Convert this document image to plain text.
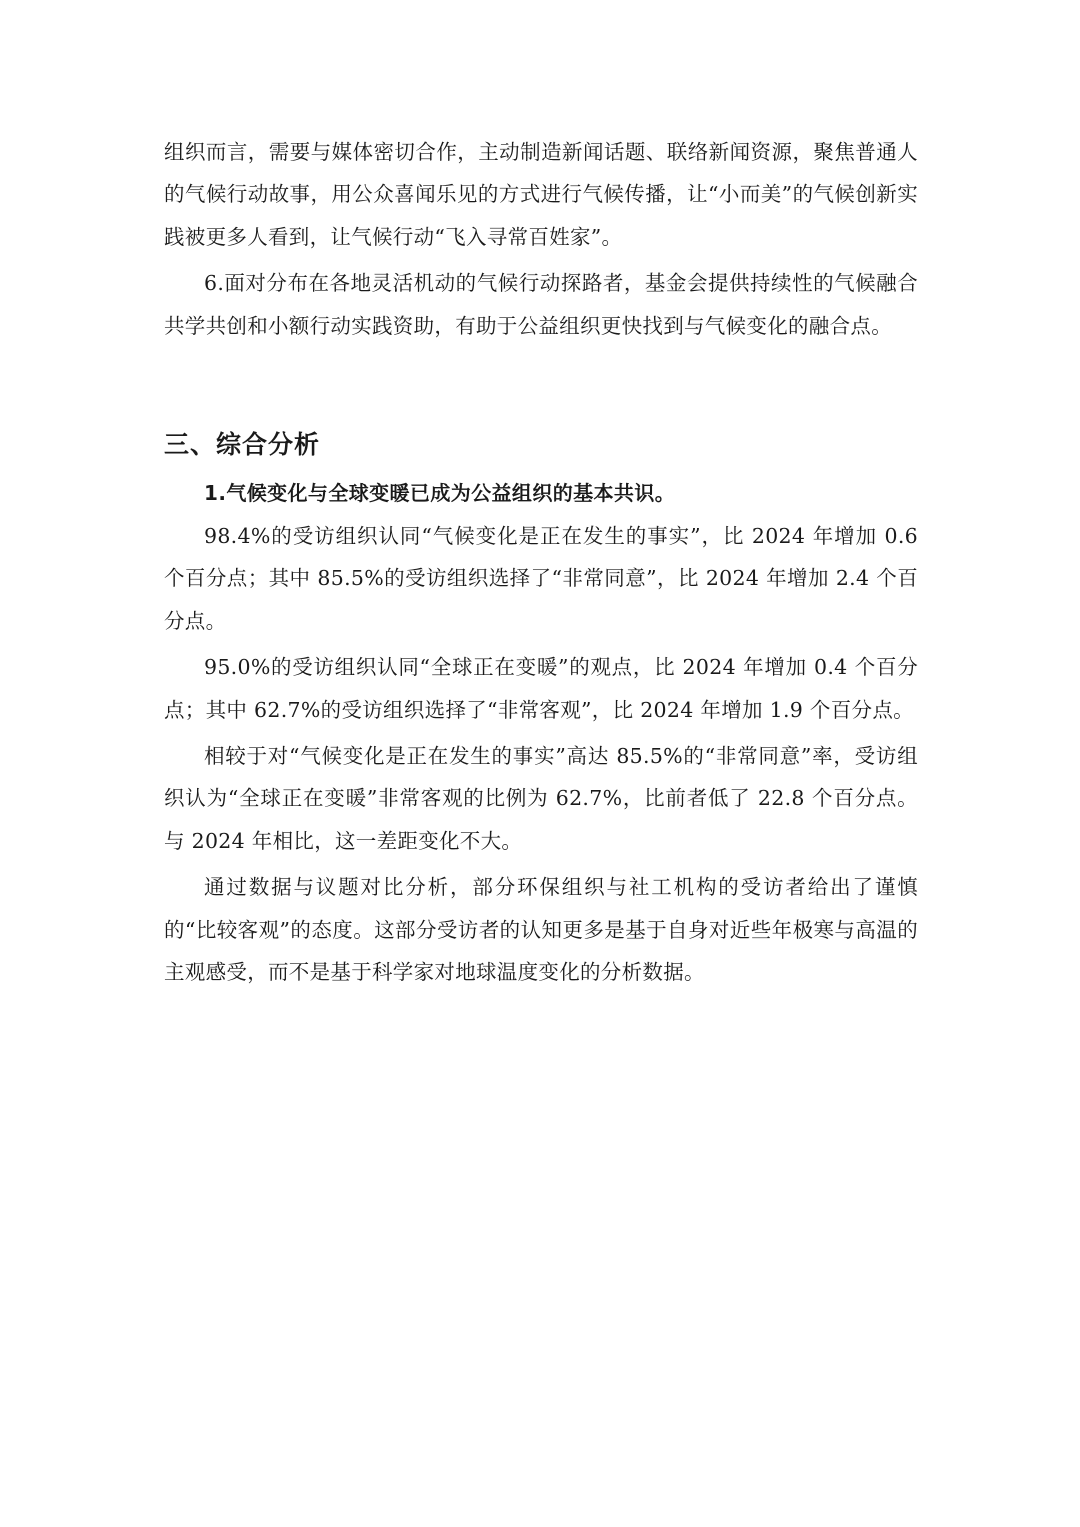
组织而言，需要与媒体密切合作，主动制造新闻话题、联络新闻资源，聚焦普通人的气候行动故事，用公众喜闻乐见的方式进行气候传播，让“小而美”的气候创新实践被更多人看到，让气候行动“飞入寻常百姓家”。

6.面对分布在各地灵活机动的气候行动探路者，基金会提供持续性的气候融合共学共创和小额行动实践资助，有助于公益组织更快找到与气候变化的融合点。

三、综合分析
1.气候变化与全球变暖已成为公益组织的基本共识。

98.4%的受访组织认同“气候变化是正在发生的事实”，比 2024 年增加 0.6 个百分点；其中 85.5%的受访组织选择了“非常同意”，比 2024 年增加 2.4 个百分点。

95.0%的受访组织认同“全球正在变暖”的观点，比 2024 年增加 0.4 个百分点；其中 62.7%的受访组织选择了“非常客观”，比 2024 年增加 1.9 个百分点。

相较于对“气候变化是正在发生的事实”高达 85.5%的“非常同意”率，受访组织认为“全球正在变暖”非常客观的比例为 62.7%，比前者低了 22.8 个百分点。与 2024 年相比，这一差距变化不大。

通过数据与议题对比分析，部分环保组织与社工机构的受访者给出了谨慎的“比较客观”的态度。这部分受访者的认知更多是基于自身对近些年极寒与高温的主观感受，而不是基于科学家对地球温度变化的分析数据。
